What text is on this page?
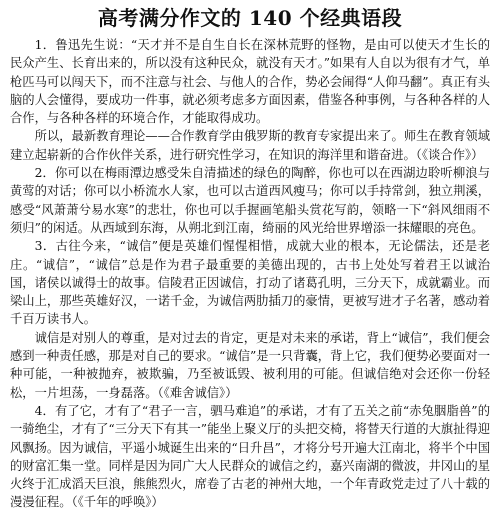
高考满分作文的 140 个经典语段

1．鲁迅先生说：“天才并不是自生自长在深林荒野的怪物，是由可以使天才生长的民众产生、长育出来的，所以没有这种民众，就没有天才。”如果有人自以为很有才气，单枪匹马可以闯天下，而不注意与社会、与他人的合作，势必会闹得“人仰马翻”。真正有头脑的人会懂得，要成功一件事，就必须考虑多方面因素，借鉴各种事例，与各种各样的人合作，与各种各样的环境合作，才能取得成功。

所以，最新教育理论——合作教育学由俄罗斯的教育专家提出来了。师生在教育领域建立起崭新的合作伙伴关系，进行研究性学习，在知识的海洋里和谐奋进。（《谈合作》）

2．你可以在梅雨潭边感受朱自清描述的绿色的陶醉，你也可以在西湖边聆听柳浪与黄莺的对话；你可以小桥流水人家，也可以古道西风瘦马；你可以手持常剑，独立荆溪，感受“风萧萧兮易水寒”的悲壮，你也可以手握画笔船头赏花写韵，领略一下“斜风细雨不须归”的闲适。从西域到东海，从朔北到江南，绮丽的风光给世界增添一抹耀眼的亮色。

3．古往今来，“诚信”便是英雄们惺惺相惜，成就大业的根本，无论儒法，还是老庄。“诚信”，“诚信”总是作为君子最重要的美德出现的，古书上处处写着君王以诚治国，诸侯以诚得士的故事。信陵君正因诚信，打动了诸葛孔明，三分天下，成就霸业。而梁山上，那些英雄好汉，一诺千金，为诚信两肋插刀的豪情，更被写进才子名著，感动着千百万读书人。

诚信是对别人的尊重，是对过去的肯定，更是对未来的承诺，背上“诚信”，我们便会感到一种责任感，那是对自己的要求。“诚信”是一只背囊，背上它，我们便势必要面对一种可能，一种被抛弃，被欺骗，乃至被诋毁、被利用的可能。但诚信绝对会还你一份轻松，一片坦荡，一身磊落。（《难舍诚信》）

4．有了它，才有了“君子一言，驷马难追”的承诺，才有了五关之前“赤兔胭脂兽”的一骑绝尘，才有了“三分天下有其一”能坐上聚义厅的头把交椅，将替天行道的大旗扯得迎风飘扬。因为诚信，平遥小城诞生出来的“日升昌”，才将分号开遍大江南北，将半个中国的财富汇集一堂。同样是因为同广大人民群众的诚信之约，嘉兴南湖的微波，井冈山的星火终于汇成滔天巨浪，熊熊烈火，席卷了古老的神州大地，一个年青政党走过了八十载的漫漫征程。（《千年的呼唤》）
